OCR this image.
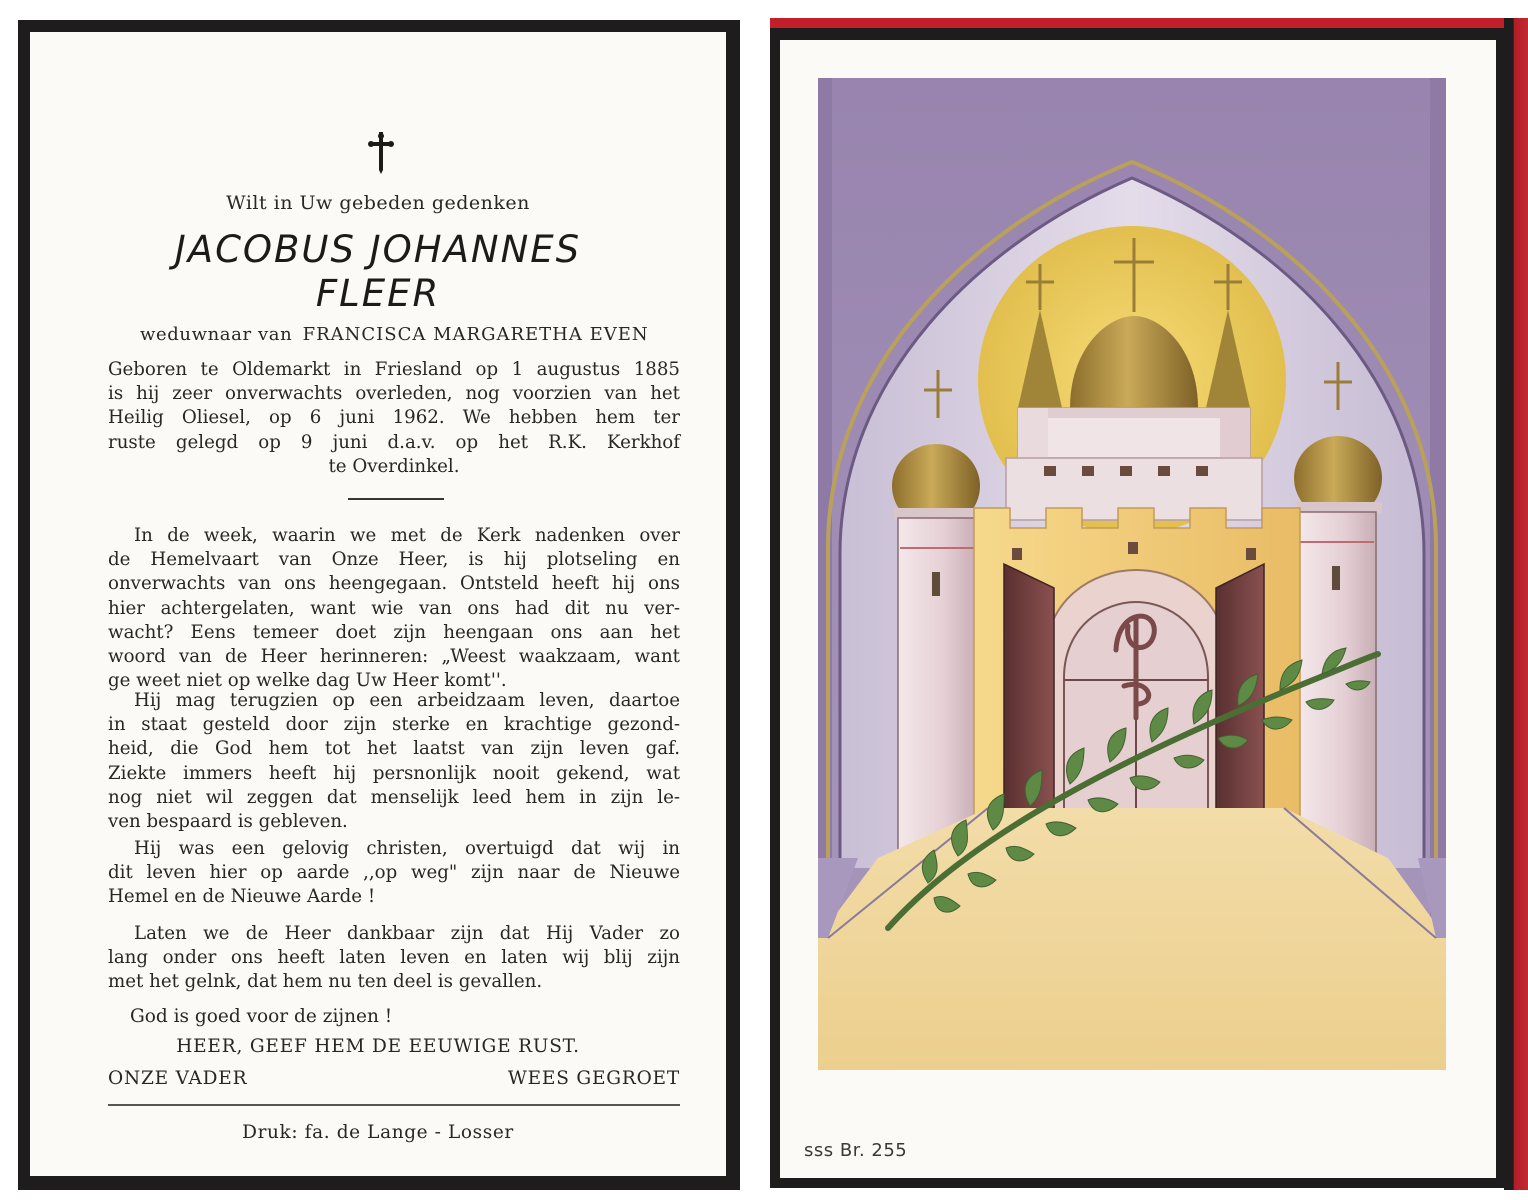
Wilt in Uw gebeden gedenken
JACOBUS JOHANNES
FLEER
weduwnaar van FRANCISCA MARGARETHA EVEN
Geboren te Oldemarkt in Friesland op 1 augustus 1885
is hij zeer onverwachts overleden, nog voorzien van het
Heilig Oliesel, op 6 juni 1962. We hebben hem ter
ruste gelegd op 9 juni d.a.v. op het R.K. Kerkhof
te Overdinkel.
In de week, waarin we met de Kerk nadenken over
de Hemelvaart van Onze Heer, is hij plotseling en
onverwachts van ons heengegaan. Ontsteld heeft hij ons
hier achtergelaten, want wie van ons had dit nu ver-
wacht? Eens temeer doet zijn heengaan ons aan het
woord van de Heer herinneren: „Weest waakzaam, want
ge weet niet op welke dag Uw Heer komt''.
Hij mag terugzien op een arbeidzaam leven, daartoe
in staat gesteld door zijn sterke en krachtige gezond-
heid, die God hem tot het laatst van zijn leven gaf.
Ziekte immers heeft hij persnonlijk nooit gekend, wat
nog niet wil zeggen dat menselijk leed hem in zijn le-
ven bespaard is gebleven.
Hij was een gelovig christen, overtuigd dat wij in
dit leven hier op aarde ,,op weg" zijn naar de Nieuwe
Hemel en de Nieuwe Aarde !
Laten we de Heer dankbaar zijn dat Hij Vader zo
lang onder ons heeft laten leven en laten wij blij zijn
met het gelnk, dat hem nu ten deel is gevallen.
God is goed voor de zijnen !
HEER, GEEF HEM DE EEUWIGE RUST.
ONZE VADER	WEES GEGROET
Druk: fa. de Lange - Losser
sss Br. 255
